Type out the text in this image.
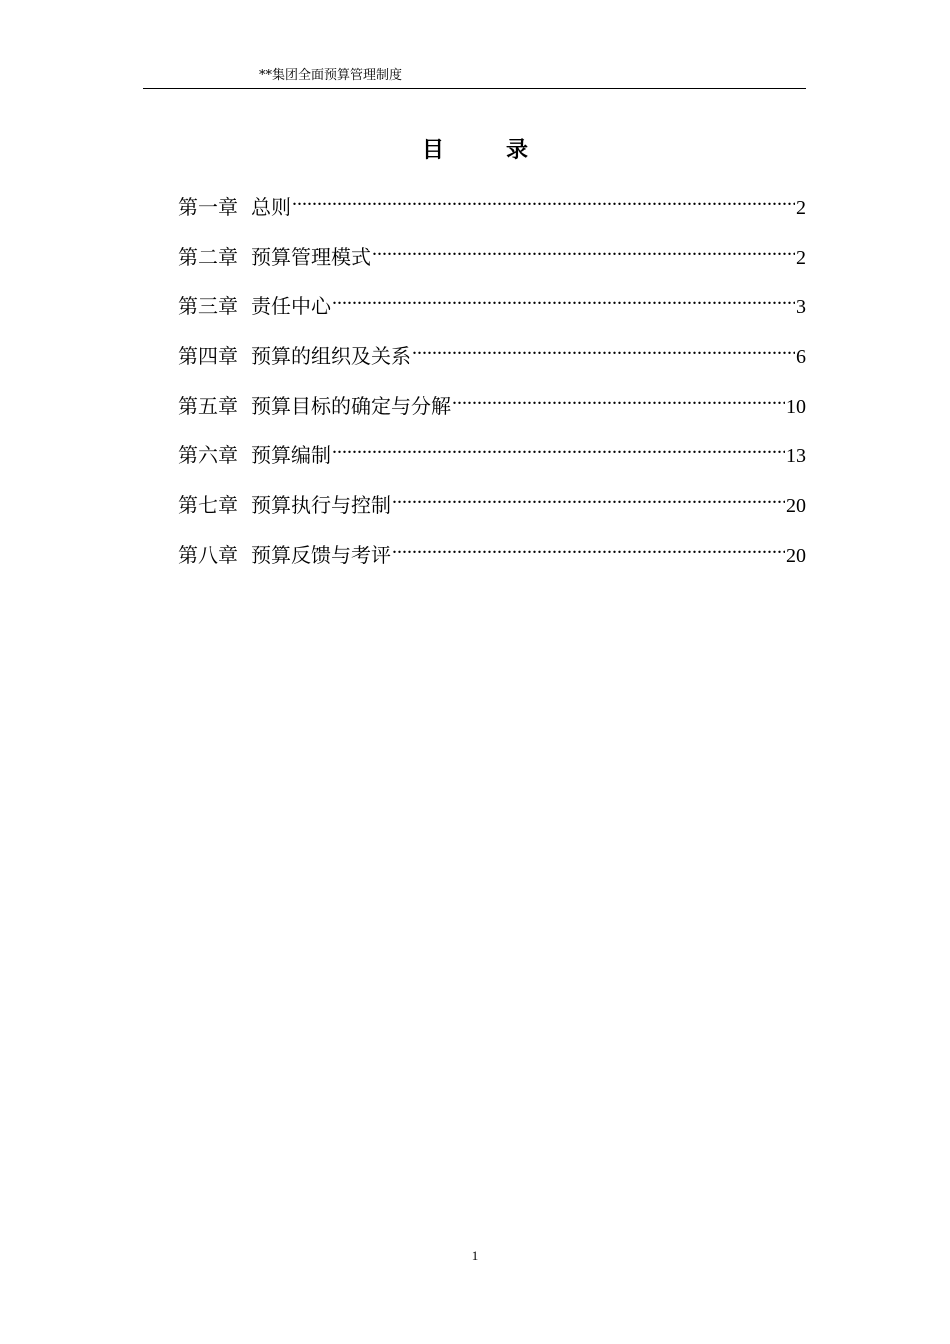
**集团全面预算管理制度
目	录
第一章 总则 .....	2
第二章 预算管理模式 .....	2
第三章 责任中心 .....	3
第四章 预算的组织及关系 .....	6
第五章 预算目标的确定与分解 .....	10
第六章 预算编制 .....	13
第七章 预算执行与控制 .....	20
第八章 预算反馈与考评 .....	20
1
